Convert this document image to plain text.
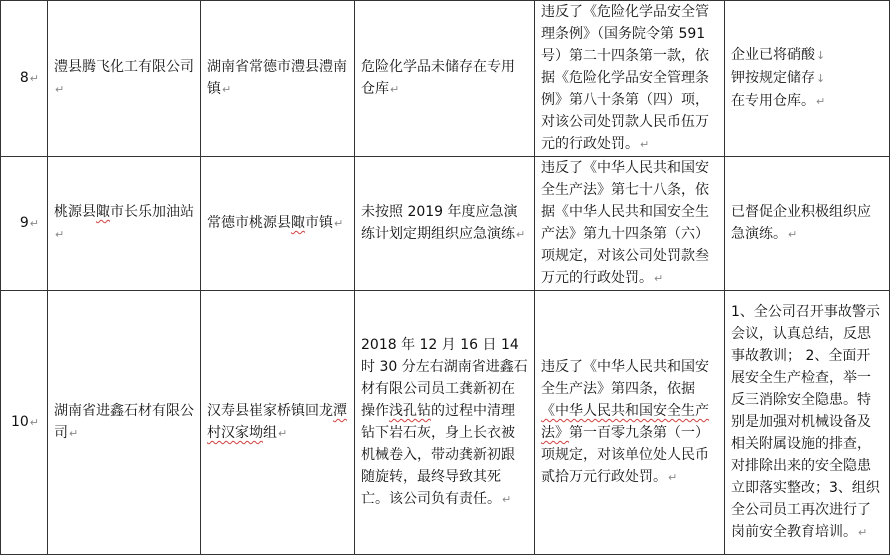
8↵	澧县腾飞化工有限公司↵	湖南省常德市澧县澧南镇↵	危险化学品未储存在专用仓库↵	违反了《危险化学品安全管理条例》（国务院令第 591 号）第二十四条第一款，依据《危险化学品安全管理条例》第八十条第（四）项，对该公司处罚款人民币伍万元的行政处罚。↵	企业已将硝酸↓
钾按规定储存↓
在专用仓库。↵

9↵	桃源县陬市长乐加油站↵	常德市桃源县陬市镇↵	未按照 2019 年度应急演练计划定期组织应急演练↵	违反了《中华人民共和国安全生产法》第七十八条，依据《中华人民共和国安全生产法》第九十四条第（六）项规定，对该公司处罚款叁万元的行政处罚。↵	已督促企业积极组织应急演练。↵
10↵	湖南省进鑫石材有限公司↵	汉寿县崔家桥镇回龙潭村汉家坳组↵	2018 年 12 月 16 日 14 时 30 分左右湖南省进鑫石材有限公司员工龚新初在操作浅孔钻的过程中清理钻下岩石灰，身上长衣被机械卷入，带动龚新初跟随旋转，最终导致其死亡。该公司负有责任。↵	违反了《中华人民共和国安全生产法》第四条，依据《中华人民共和国安全生产法》第一百零九条第（一）项规定，对该单位处人民币贰拾万元行政处罚。↵	1、全公司召开事故警示会议，认真总结，反思事故教训； 2、全面开展安全生产检查，举一反三消除安全隐患。特别是加强对机械设备及相关附属设施的排查，对排除出来的安全隐患立即落实整改；3、组织全公司员工再次进行了岗前安全教育培训。↵
